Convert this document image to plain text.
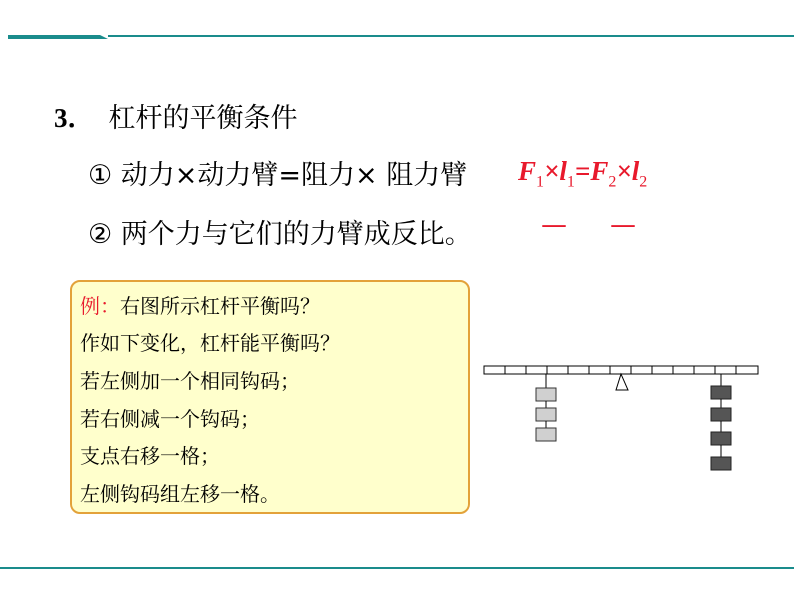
3． 杠杆的平衡条件
① 动力×动力臂=阻力× 阻力臂
② 两个力与它们的力臂成反比。
$F_1\times l_1=F_2\times l_2$
— —
例：右图所示杠杆平衡吗？
作如下变化，杠杆能平衡吗？
若左侧加一个相同钩码；
若右侧减一个钩码；
支点右移一格；
左侧钩码组左移一格。
